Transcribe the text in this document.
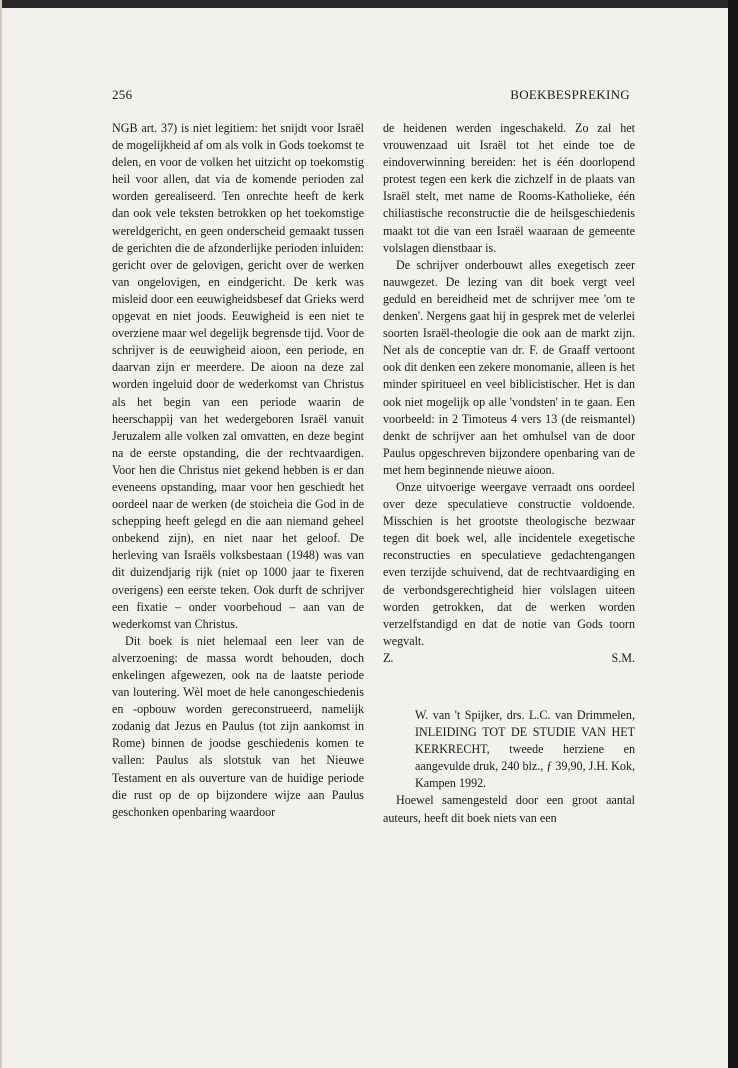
256	BOEKBESPREKING

NGB art. 37) is niet legitiem: het snijdt voor Israël de mogelijkheid af om als volk in Gods toekomst te delen, en voor de volken het uitzicht op toekomstig heil voor allen, dat via de komende perioden zal worden gerealiseerd. Ten onrechte heeft de kerk dan ook vele teksten betrokken op het toekomstige wereldgericht, en geen onderscheid gemaakt tussen de gerichten die de afzonderlijke perioden inluiden: gericht over de gelovigen, gericht over de werken van ongelovigen, en eindgericht. De kerk was misleid door een eeuwigheidsbesef dat Grieks werd opgevat en niet joods. Eeuwigheid is een niet te overziene maar wel degelijk begrensde tijd. Voor de schrijver is de eeuwigheid aioon, een periode, en daarvan zijn er meerdere. De aioon na deze zal worden ingeluid door de wederkomst van Christus als het begin van een periode waarin de heerschappij van het wedergeboren Israël vanuit Jeruzalem alle volken zal omvatten, en deze begint na de eerste opstanding, die der rechtvaardigen. Voor hen die Christus niet gekend hebben is er dan eveneens opstanding, maar voor hen geschiedt het oordeel naar de werken (de stoicheia die God in de schepping heeft gelegd en die aan niemand geheel onbekend zijn), en niet naar het geloof. De herleving van Israëls volksbestaan (1948) was van dit duizendjarig rijk (niet op 1000 jaar te fixeren overigens) een eerste teken. Ook durft de schrijver een fixatie – onder voorbehoud – aan van de wederkomst van Christus.

Dit boek is niet helemaal een leer van de alverzoening: de massa wordt behouden, doch enkelingen afgewezen, ook na de laatste periode van loutering. Wèl moet de hele canongeschiedenis en -opbouw worden gereconstrueerd, namelijk zodanig dat Jezus en Paulus (tot zijn aankomst in Rome) binnen de joodse geschiedenis komen te vallen: Paulus als slotstuk van het Nieuwe Testament en als ouverture van de huidige periode die rust op de op bijzondere wijze aan Paulus geschonken openbaring waardoor

de heidenen werden ingeschakeld. Zo zal het vrouwenzaad uit Israël tot het einde toe de eindoverwinning bereiden: het is één doorlopend protest tegen een kerk die zichzelf in de plaats van Israël stelt, met name de Rooms-Katholieke, één chiliastische reconstructie die de heilsgeschiedenis maakt tot die van een Israël waaraan de gemeente volslagen dienstbaar is.

De schrijver onderbouwt alles exegetisch zeer nauwgezet. De lezing van dit boek vergt veel geduld en bereidheid met de schrijver mee 'om te denken'. Nergens gaat hij in gesprek met de velerlei soorten Israël-theologie die ook aan de markt zijn. Net als de conceptie van dr. F. de Graaff vertoont ook dit denken een zekere monomanie, alleen is het minder spiritueel en veel biblicistischer. Het is dan ook niet mogelijk op alle 'vondsten' in te gaan. Een voorbeeld: in 2 Timoteus 4 vers 13 (de reismantel) denkt de schrijver aan het omhulsel van de door Paulus opgeschreven bijzondere openbaring van de met hem beginnende nieuwe aioon.

Onze uitvoerige weergave verraadt ons oordeel over deze speculatieve constructie voldoende. Misschien is het grootste theologische bezwaar tegen dit boek wel, alle incidentele exegetische reconstructies en speculatieve gedachtengangen even terzijde schuivend, dat de rechtvaardiging en de verbondsgerechtigheid hier volslagen uiteen worden getrokken, dat de werken worden verzelfstandigd en dat de notie van Gods toorn wegvalt.

Z.	S.M.

W. van 't Spijker, drs. L.C. van Drimmelen, INLEIDING TOT DE STUDIE VAN HET KERKRECHT, tweede herziene en aangevulde druk, 240 blz., ƒ 39,90, J.H. Kok, Kampen 1992.

Hoewel samengesteld door een groot aantal auteurs, heeft dit boek niets van een
